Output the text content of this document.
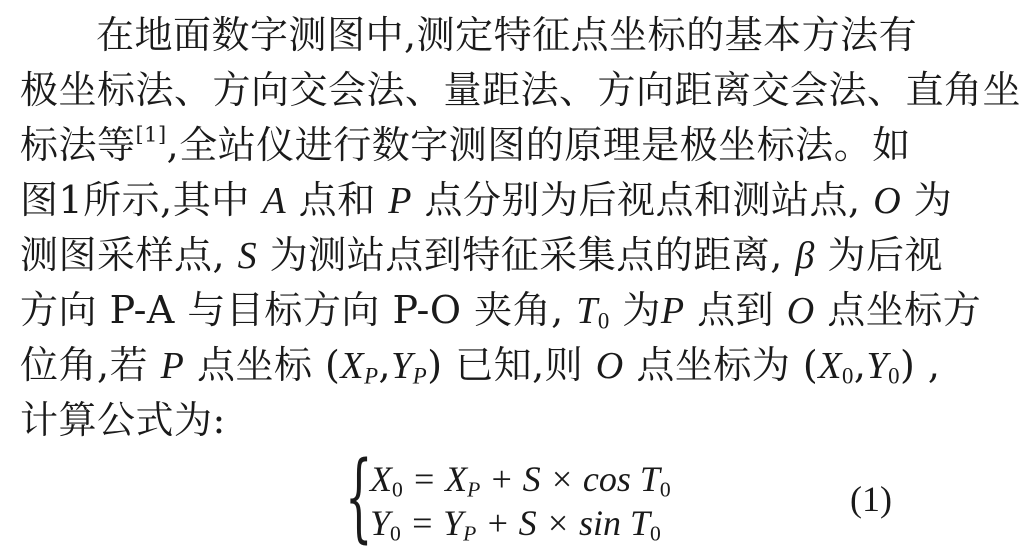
在地面数字测图中,测定特征点坐标的基本方法有
极坐标法、方向交会法、量距法、方向距离交会法、直角坐
标法等[1],全站仪进行数字测图的原理是极坐标法。如
图1所示,其中 A 点和 P 点分别为后视点和测站点, O 为
测图采样点, S 为测站点到特征采集点的距离, β 为后视
方向 P-A 与目标方向 P-O 夹角, $T_0$ 为P 点到 O 点坐标方
位角,若 P 点坐标 $(X_P,Y_P)$ 已知,则 O 点坐标为 $(X_0,Y_0)$ ,
计算公式为:
{
$X_0 = X_P + S \times \cos T_0$
$Y_0 = Y_P + S \times \sin T_0$
(1)
